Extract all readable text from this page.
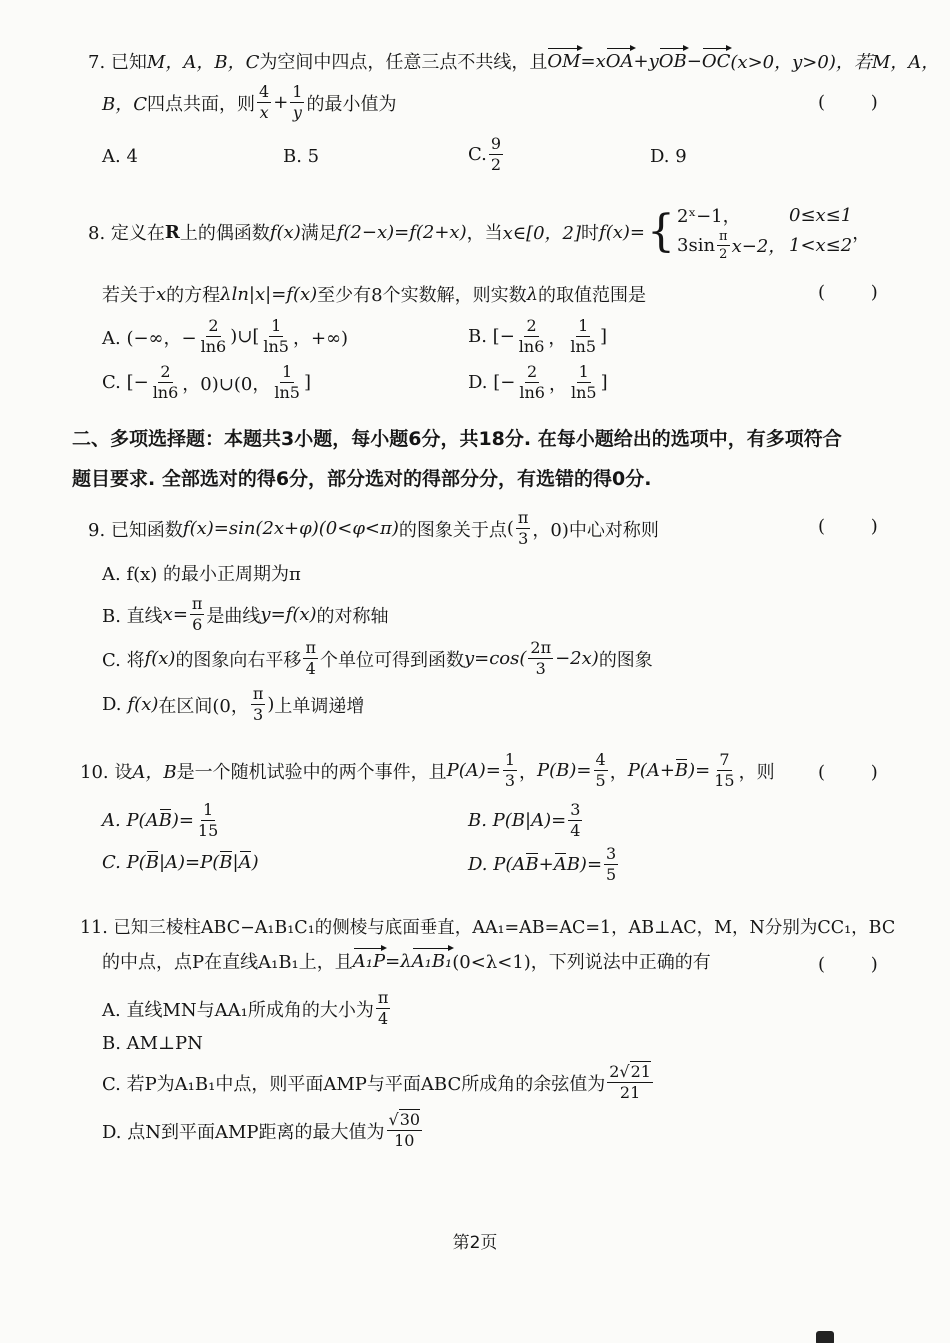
7. 已知 M，A，B，C 为空间中四点，任意三点不共线，且 OM =x OA +y OB − OC (x>0，y>0)，若M，A，
B，C 四点共面，则 $\frac{4}{x} + \frac{1}{y}$ 的最小值为	(        )
A. 4	B. 5	C. $\frac{9}{2}$	D. 9
8. 定义在 R 上的偶函数 f(x) 满足 f(2−x)=f(2+x) ，当 x∈[0，2] 时 f(x)= { 2ˣ−1，	0≤x≤1
$3\sin \frac{\pi}{2} x-2$， 1<x≤2
，
若关于 x 的方程 λln|x|=f(x) 至少有8个实数解，则实数 λ 的取值范围是	(        )
A. (−∞，− $\frac{2}{\ln 6}$ )∪[ $\frac{1}{\ln 5}$ ，+∞)	B. [− $\frac{2}{\ln 6}$ ， $\frac{1}{\ln 5}$ ]
C. [− $\frac{2}{\ln 6}$ ，0)∪(0， $\frac{1}{\ln 5}$ ]	D. [− $\frac{2}{\ln 6}$ ， $\frac{1}{\ln 5}$ ]
二、多项选择题：本题共3小题，每小题6分，共18分. 在每小题给出的选项中，有多项符合
题目要求. 全部选对的得6分，部分选对的得部分分，有选错的得0分.
9. 已知函数 f(x)=sin(2x+φ)(0<φ<π) 的图象关于点 ( $\frac{\pi}{3}$ ，0) 中心对称则	(        )
A. f(x) 的最小正周期为π
B. 直线 $x= \frac{\pi}{6}$ 是曲线 y=f(x) 的对称轴
C. 将 f(x) 的图象向右平移 $\frac{\pi}{4}$ 个单位可得到函数 $y=\cos( \frac{2\pi}{3} -2x)$ 的图象
D. f(x) 在区间 (0， $\frac{\pi}{3}$ ) 上单调递增
10. 设 A，B 是一个随机试验中的两个事件，且 $P(A)= \frac{1}{3}$ ， $P(B)= \frac{4}{5}$ ， P(A+ B )= $\frac{7}{15}$ ，则 (        )
A. P(A B )= $\frac{1}{15}$	B. $P(B|A)= \frac{3}{4}$
C. P( B |A)=P( B | A )	D. P(A B + A $B)= \frac{3}{5}$
11. 已知三棱柱ABC−A₁B₁C₁的侧棱与底面垂直，AA₁=AB=AC=1，AB⊥AC，M，N分别为CC₁，BC
的中点，点P在直线A₁B₁上，且 A₁P =λ A₁B₁ (0<λ<1)，下列说法中正确的有	(        )
A. 直线MN与AA₁所成角的大小为 $\frac{\pi}{4}$
B. AM⊥PN
C. 若P为A₁B₁中点，则平面AMP与平面ABC所成角的余弦值为 $\frac{2√21}{21}$
D. 点N到平面AMP距离的最大值为 $\frac{√30}{10}$
第2页
